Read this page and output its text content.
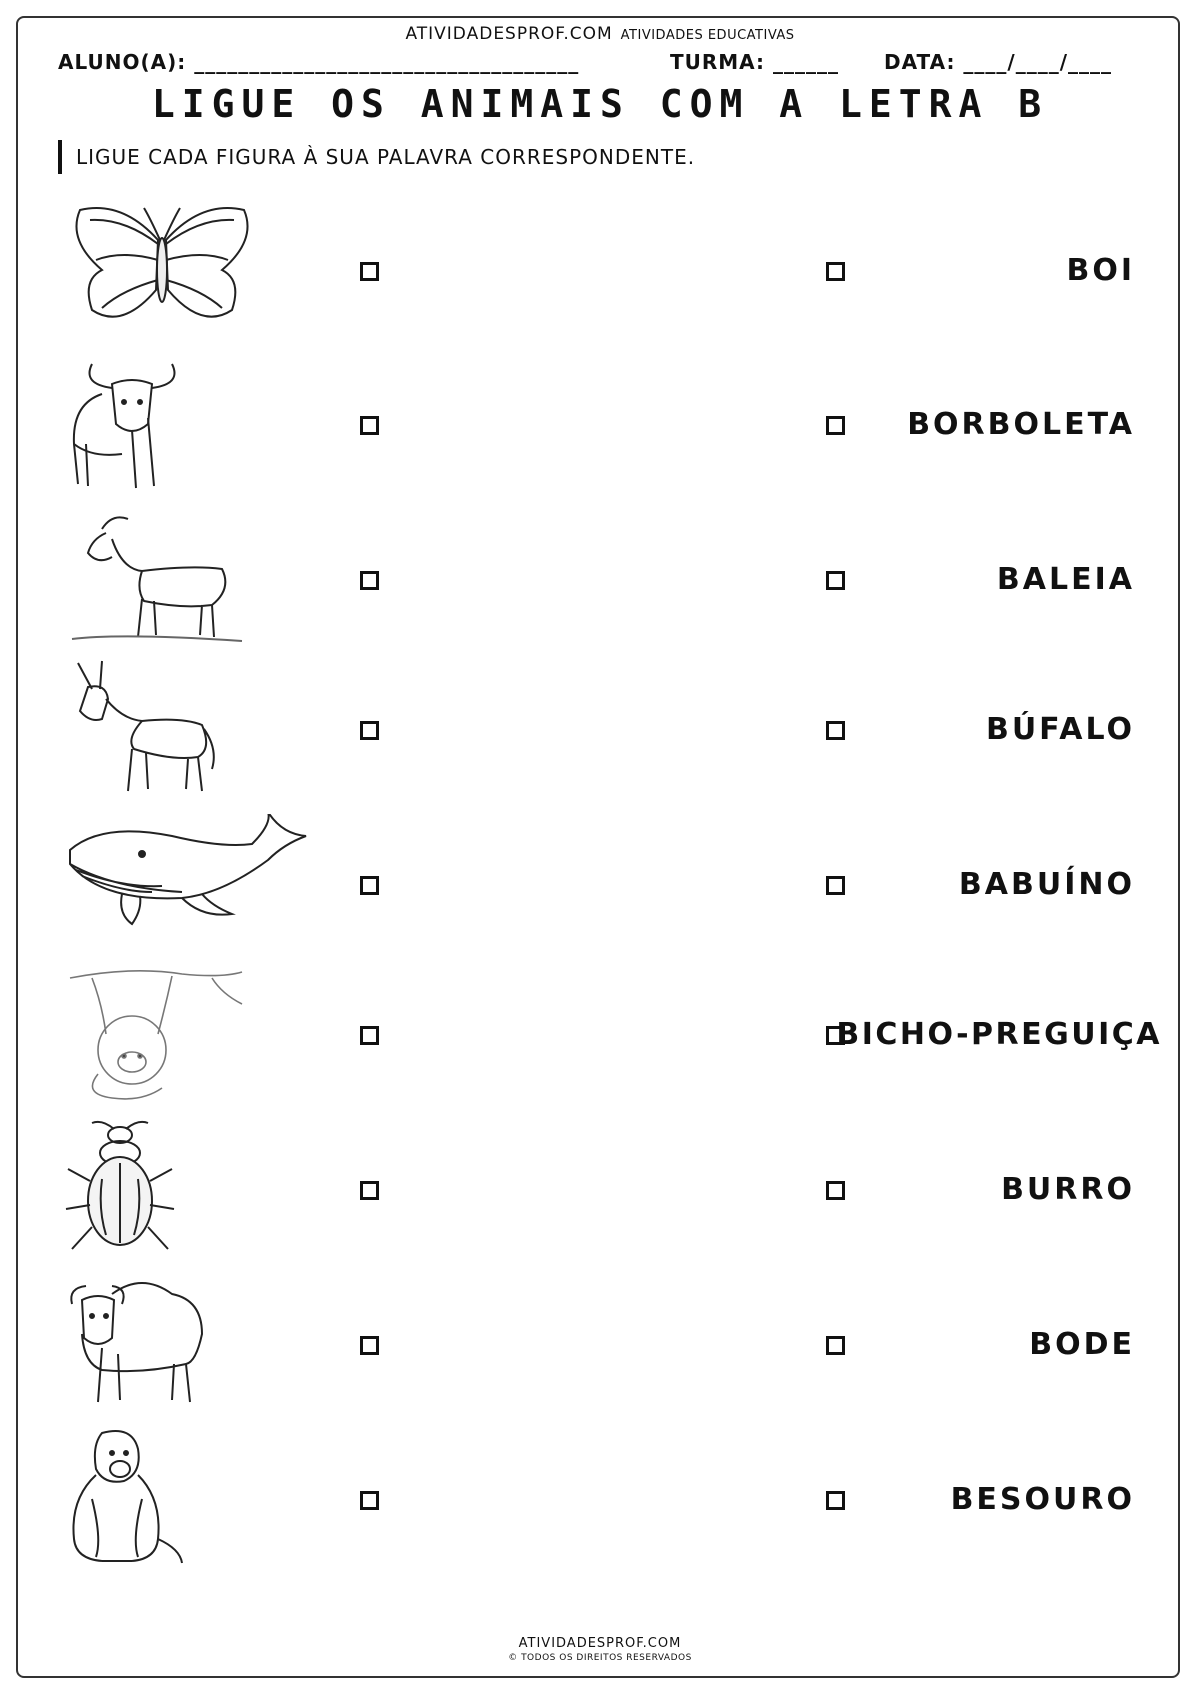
ATIVIDADESPROF.COM ATIVIDADES EDUCATIVAS
ALUNO(A): ___________________________________	TURMA: ______ DATA: ____/____/____
LIGUE OS ANIMAIS COM A LETRA B
LIGUE CADA FIGURA À SUA PALAVRA CORRESPONDENTE.
BOI
BORBOLETA
BALEIA
BÚFALO
BABUÍNO
BICHO-PREGUIÇA
BURRO
BODE
BESOURO
ATIVIDADESPROF.COM
© TODOS OS DIREITOS RESERVADOS
